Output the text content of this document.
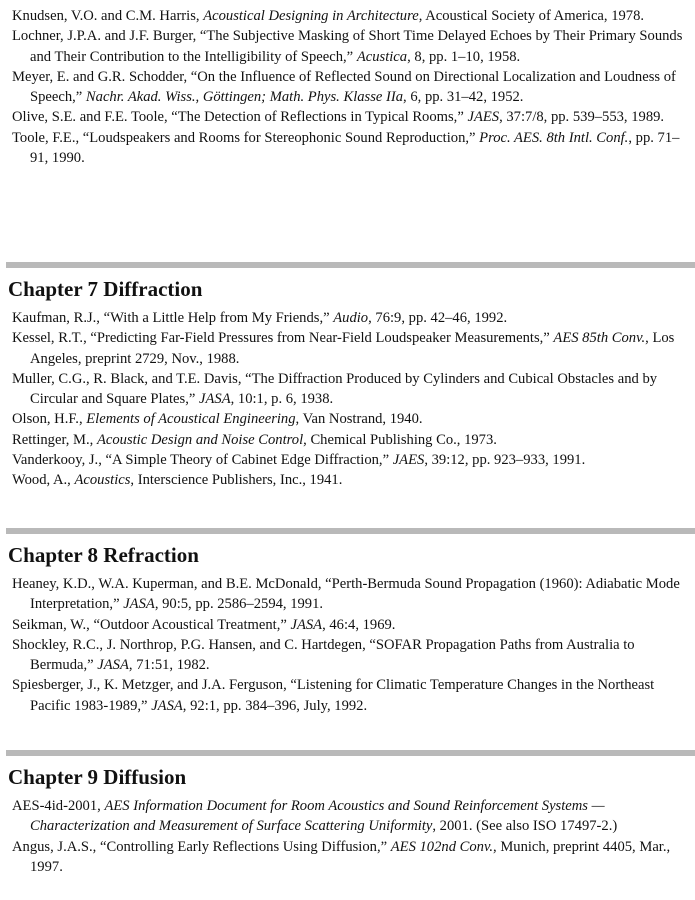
Knudsen, V.O. and C.M. Harris, Acoustical Designing in Architecture, Acoustical Society of America, 1978.
Lochner, J.P.A. and J.F. Burger, “The Subjective Masking of Short Time Delayed Echoes by Their Primary Sounds and Their Contribution to the Intelligibility of Speech,” Acustica, 8, pp. 1–10, 1958.
Meyer, E. and G.R. Schodder, “On the Influence of Reflected Sound on Directional Localization and Loudness of Speech,” Nachr. Akad. Wiss., Göttingen; Math. Phys. Klasse IIa, 6, pp. 31–42, 1952.
Olive, S.E. and F.E. Toole, “The Detection of Reflections in Typical Rooms,” JAES, 37:7/8, pp. 539–553, 1989.
Toole, F.E., “Loudspeakers and Rooms for Stereophonic Sound Reproduction,” Proc. AES. 8th Intl. Conf., pp. 71–91, 1990.
Chapter 7 Diffraction
Kaufman, R.J., “With a Little Help from My Friends,” Audio, 76:9, pp. 42–46, 1992.
Kessel, R.T., “Predicting Far-Field Pressures from Near-Field Loudspeaker Measurements,” AES 85th Conv., Los Angeles, preprint 2729, Nov., 1988.
Muller, C.G., R. Black, and T.E. Davis, “The Diffraction Produced by Cylinders and Cubical Obstacles and by Circular and Square Plates,” JASA, 10:1, p. 6, 1938.
Olson, H.F., Elements of Acoustical Engineering, Van Nostrand, 1940.
Rettinger, M., Acoustic Design and Noise Control, Chemical Publishing Co., 1973.
Vanderkooy, J., “A Simple Theory of Cabinet Edge Diffraction,” JAES, 39:12, pp. 923–933, 1991.
Wood, A., Acoustics, Interscience Publishers, Inc., 1941.
Chapter 8 Refraction
Heaney, K.D., W.A. Kuperman, and B.E. McDonald, “Perth-Bermuda Sound Propagation (1960): Adiabatic Mode Interpretation,” JASA, 90:5, pp. 2586–2594, 1991.
Seikman, W., “Outdoor Acoustical Treatment,” JASA, 46:4, 1969.
Shockley, R.C., J. Northrop, P.G. Hansen, and C. Hartdegen, “SOFAR Propagation Paths from Australia to Bermuda,” JASA, 71:51, 1982.
Spiesberger, J., K. Metzger, and J.A. Ferguson, “Listening for Climatic Temperature Changes in the Northeast Pacific 1983-1989,” JASA, 92:1, pp. 384–396, July, 1992.
Chapter 9 Diffusion
AES-4id-2001, AES Information Document for Room Acoustics and Sound Reinforcement Systems —Characterization and Measurement of Surface Scattering Uniformity, 2001. (See also ISO 17497-2.)
Angus, J.A.S., “Controlling Early Reflections Using Diffusion,” AES 102nd Conv., Munich, preprint 4405, Mar., 1997.
